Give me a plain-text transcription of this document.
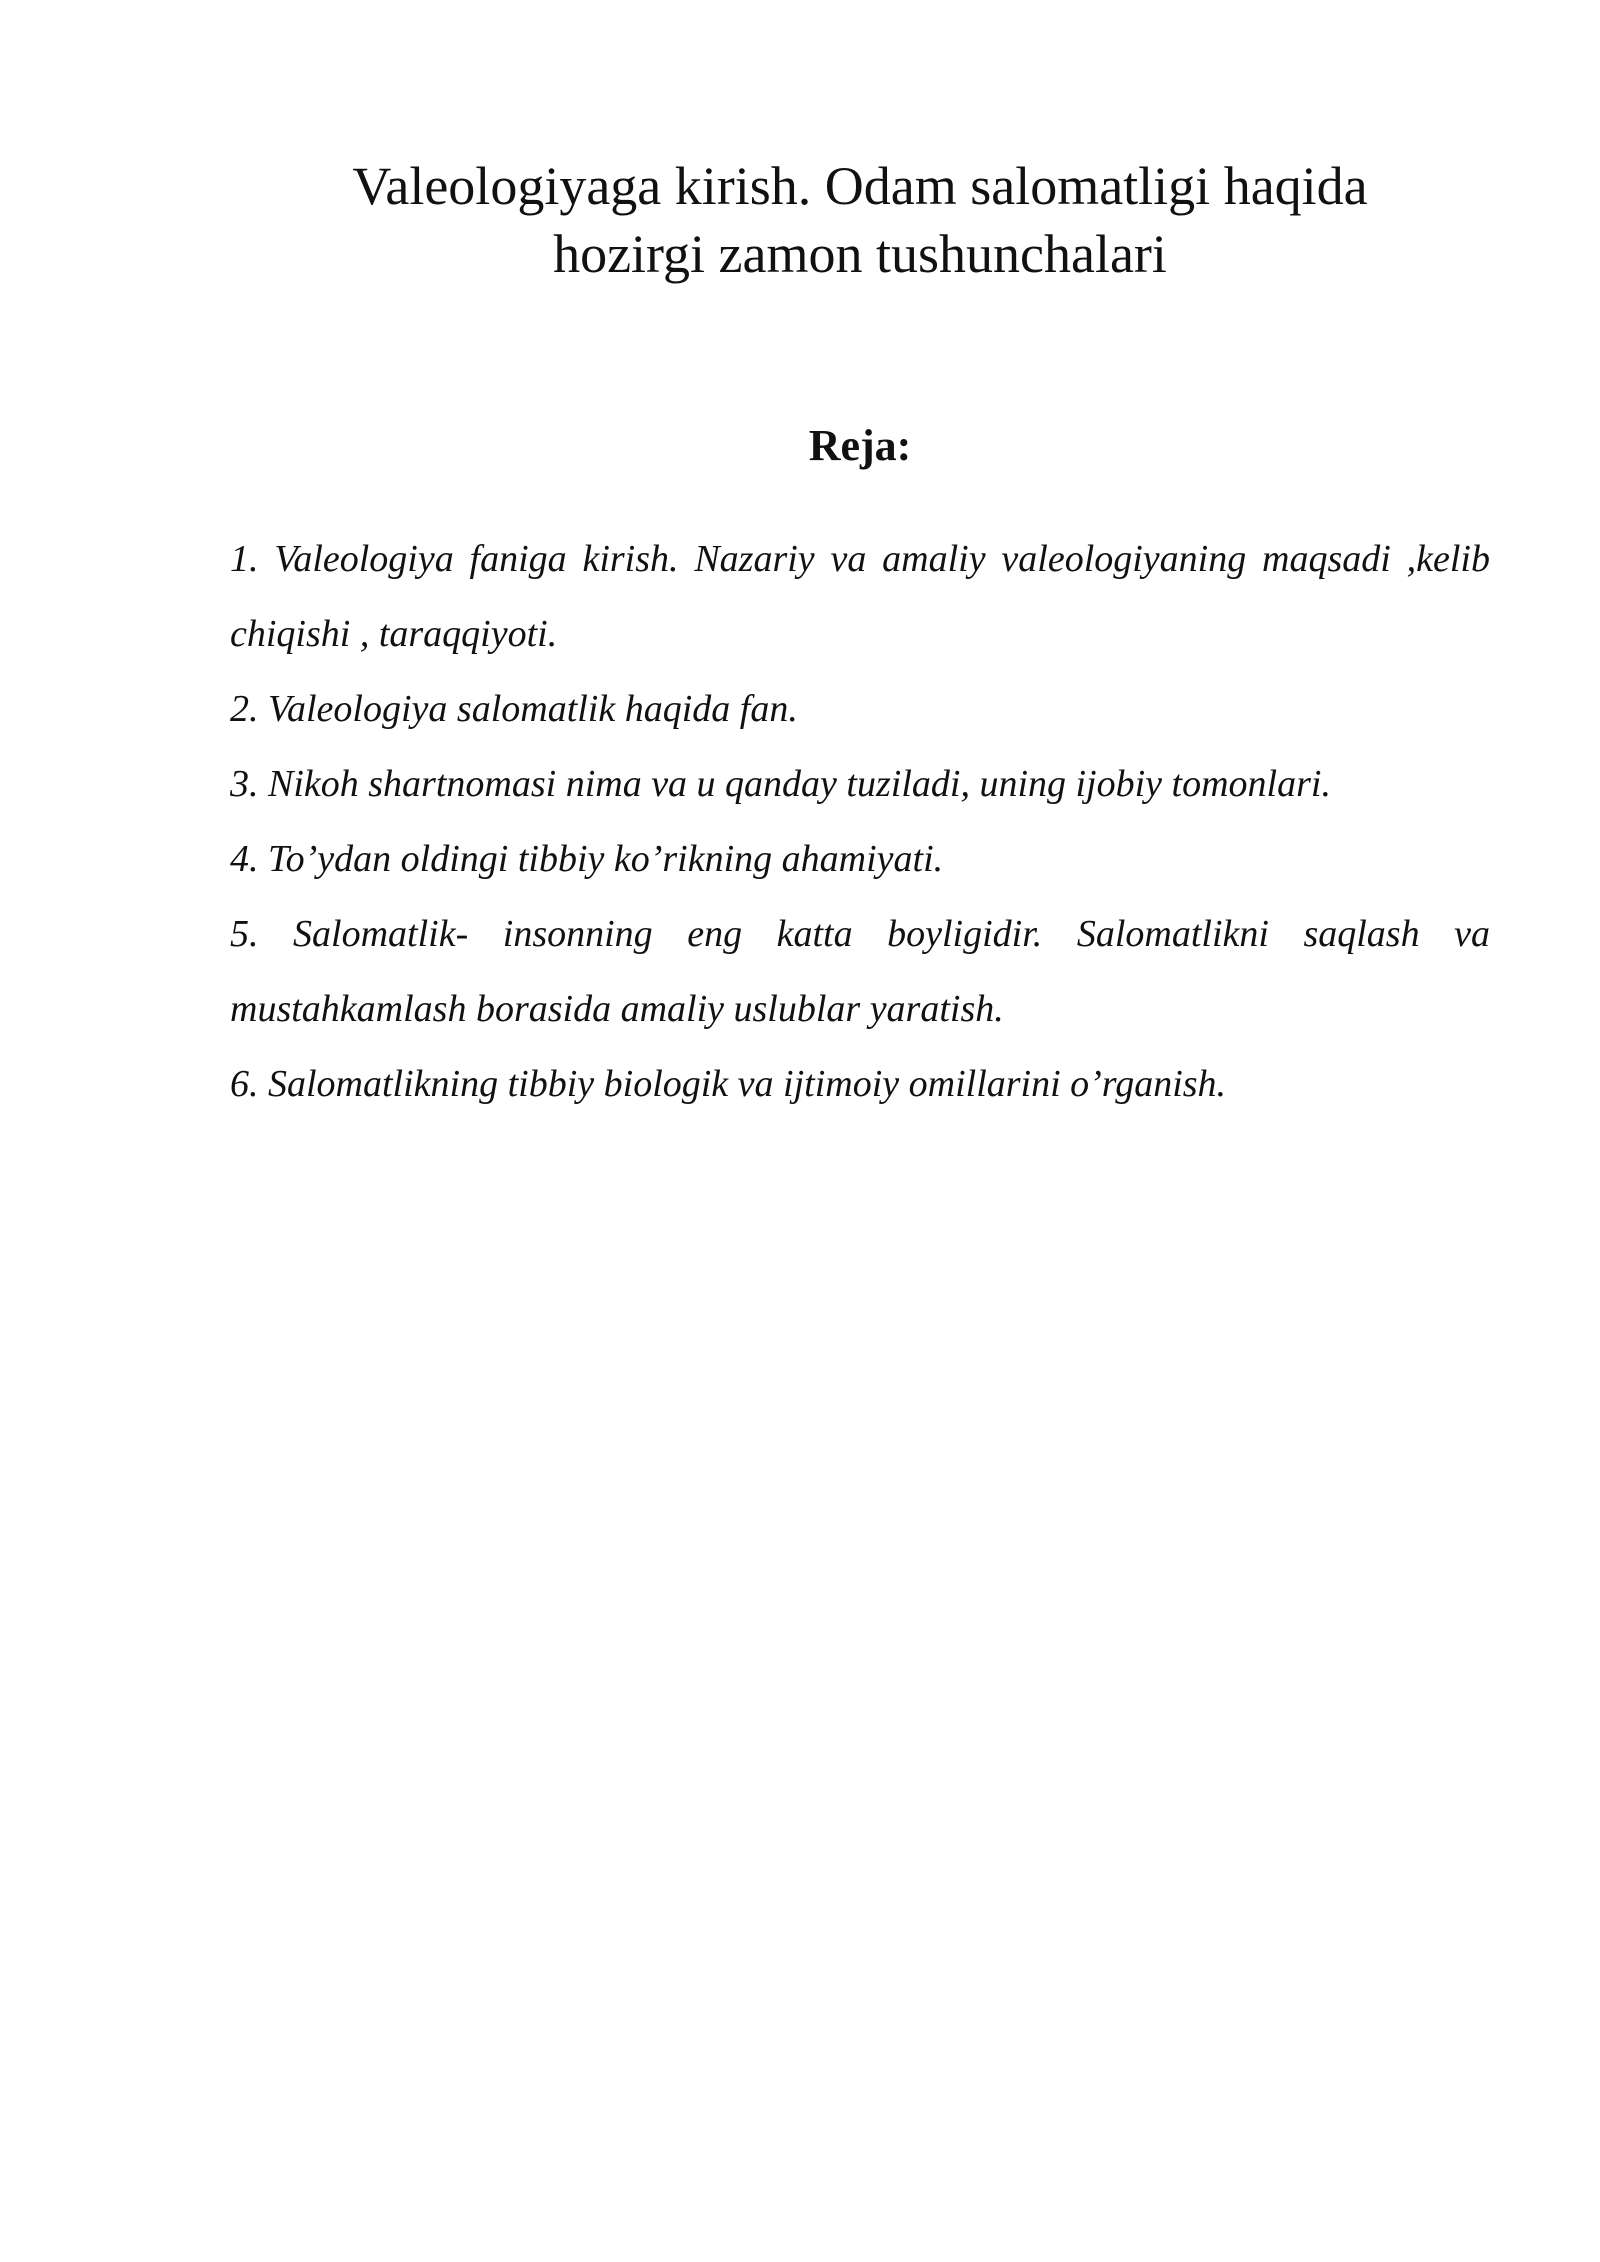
Valeologiyaga kirish. Odam salomatligi haqida
hozirgi zamon tushunchalari
Reja:
1. Valeologiya faniga kirish. Nazariy va amaliy valeologiyaning maqsadi ,kelib chiqishi , taraqqiyoti.
2. Valeologiya salomatlik haqida fan.
3. Nikoh shartnomasi nima va u qanday tuziladi, uning ijobiy tomonlari.
4. To’ydan oldingi tibbiy ko’rikning ahamiyati.
5. Salomatlik- insonning eng katta boyligidir. Salomatlikni saqlash va mustahkamlash borasida amaliy uslublar yaratish.
6. Salomatlikning tibbiy biologik va ijtimoiy omillarini o’rganish.
